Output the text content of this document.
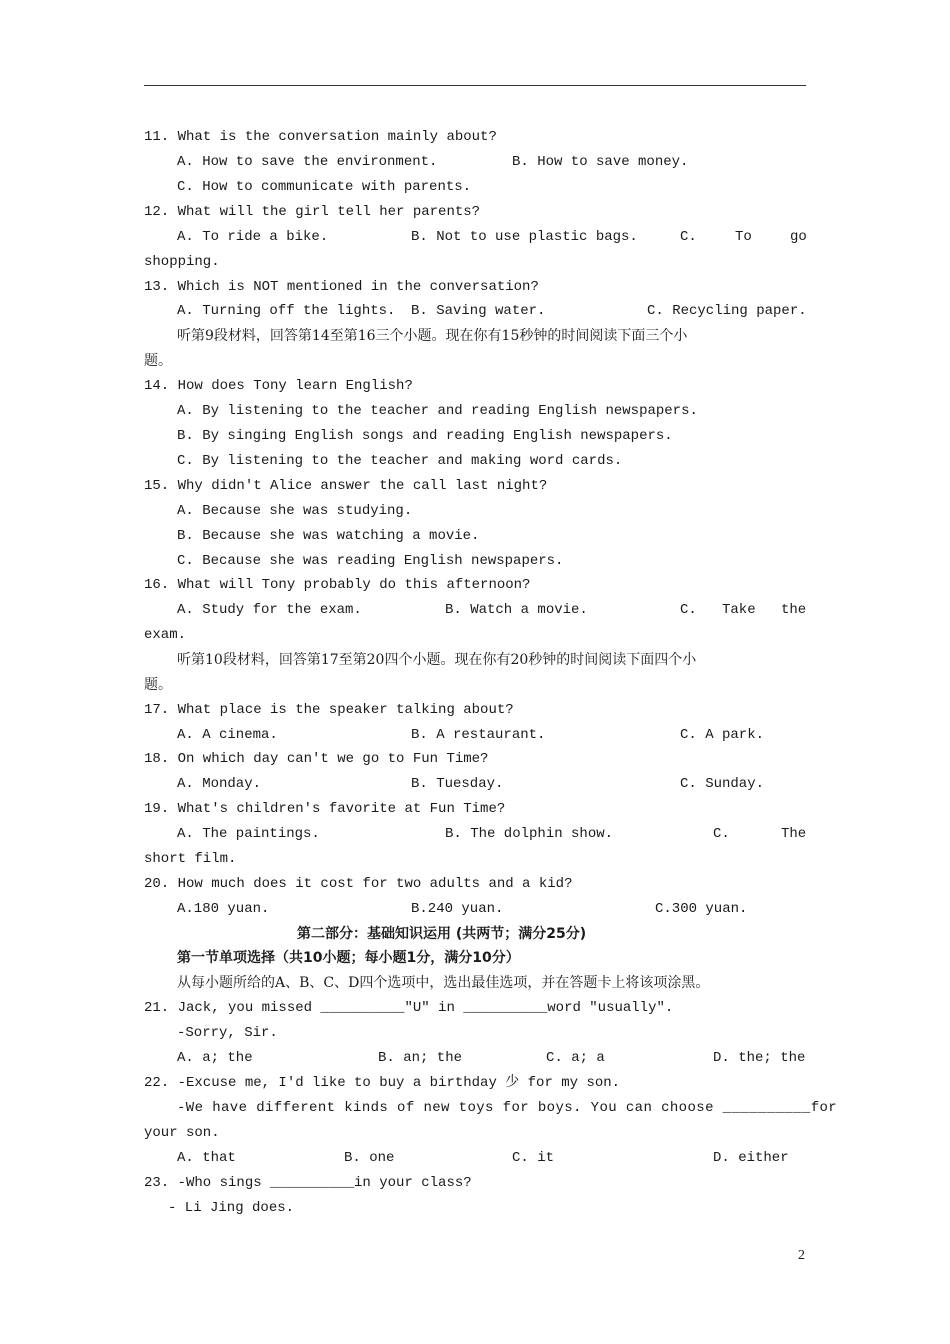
11. What is the conversation mainly about?
A. How to save the environment.	B. How to save money.
C. How to communicate with parents.
12. What will the girl tell her parents?
A. To ride a bike.	B. Not to use plastic bags.	C.	To	go
shopping.
13. Which is NOT mentioned in the conversation?
A. Turning off the lights. B. Saving water.	C. Recycling paper.
听第9段材料，回答第14至第16三个小题。现在你有15秒钟的时间阅读下面三个小
题。
14. How does Tony learn English?
A. By listening to the teacher and reading English newspapers.
B. By singing English songs and reading English newspapers.
C. By listening to the teacher and making word cards.
15. Why didn't Alice answer the call last night?
A. Because she was studying.
B. Because she was watching a movie.
C. Because she was reading English newspapers.
16. What will Tony probably do this afternoon?
A. Study for the exam.	B. Watch a movie.	C. Take the
exam.
听第10段材料，回答第17至第20四个小题。现在你有20秒钟的时间阅读下面四个小
题。
17. What place is the speaker talking about?
A. A cinema.	B. A restaurant.	C. A park.
18. On which day can't we go to Fun Time?
A. Monday.	B. Tuesday.	C. Sunday.
19. What's children's favorite at Fun Time?
A. The paintings.	B. The dolphin show.	C.	The
short film.
20. How much does it cost for two adults and a kid?
A.180 yuan.	B.240 yuan.	C.300 yuan.
第二部分：基础知识运用 (共两节；满分25分)
第一节单项选择（共10小题；每小题1分，满分10分）
从每小题所给的A、B、C、D四个选项中，选出最佳选项，并在答题卡上将该项涂黑。
21. Jack, you missed __________"U" in __________word "usually".
-Sorry, Sir.
A. a; the	B. an; the	C. a; a	D. the; the
22. -Excuse me, I'd like to buy a birthday 少 for my son.
-We have different kinds of new toys for boys. You can choose __________for
your son.
A. that	B. one	C. it	D. either
23. -Who sings __________in your class?
- Li Jing does.
2
